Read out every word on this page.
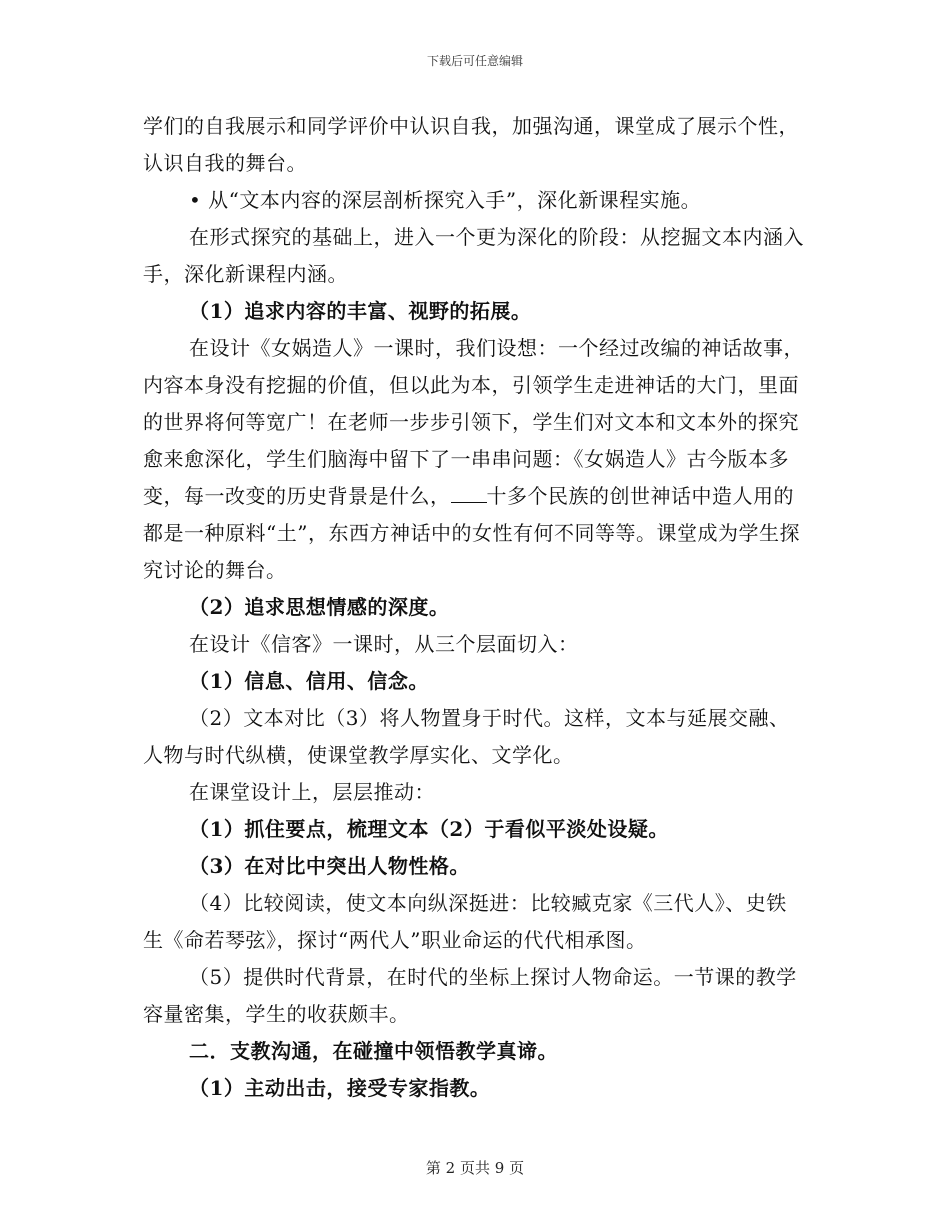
下载后可任意编辑

学们的自我展示和同学评价中认识自我，加强沟通，课堂成了展示个性，认识自我的舞台。

• 从“文本内容的深层剖析探究入手”，深化新课程实施。

在形式探究的基础上，进入一个更为深化的阶段：从挖掘文本内涵入手，深化新课程内涵。

（1）追求内容的丰富、视野的拓展。

在设计《女娲造人》一课时，我们设想：一个经过改编的神话故事，内容本身没有挖掘的价值，但以此为本，引领学生走进神话的大门，里面的世界将何等宽广！在老师一步步引领下，学生们对文本和文本外的探究愈来愈深化，学生们脑海中留下了一串串问题：《女娲造人》古今版本多变，每一改变的历史背景是什么， 十多个民族的创世神话中造人用的都是一种原料“土”，东西方神话中的女性有何不同等等。课堂成为学生探究讨论的舞台。

（2）追求思想情感的深度。

在设计《信客》一课时，从三个层面切入：

（1）信息、信用、信念。

（2）文本对比（3）将人物置身于时代。这样，文本与延展交融、人物与时代纵横，使课堂教学厚实化、文学化。

在课堂设计上，层层推动：

（1）抓住要点，梳理文本（2）于看似平淡处设疑。

（3）在对比中突出人物性格。

（4）比较阅读，使文本向纵深挺进：比较臧克家《三代人》、史铁生《命若琴弦》，探讨“两代人”职业命运的代代相承图。

（5）提供时代背景，在时代的坐标上探讨人物命运。一节课的教学容量密集，学生的收获颇丰。

二．支教沟通，在碰撞中领悟教学真谛。

（1）主动出击，接受专家指教。

第 2 页共 9 页
